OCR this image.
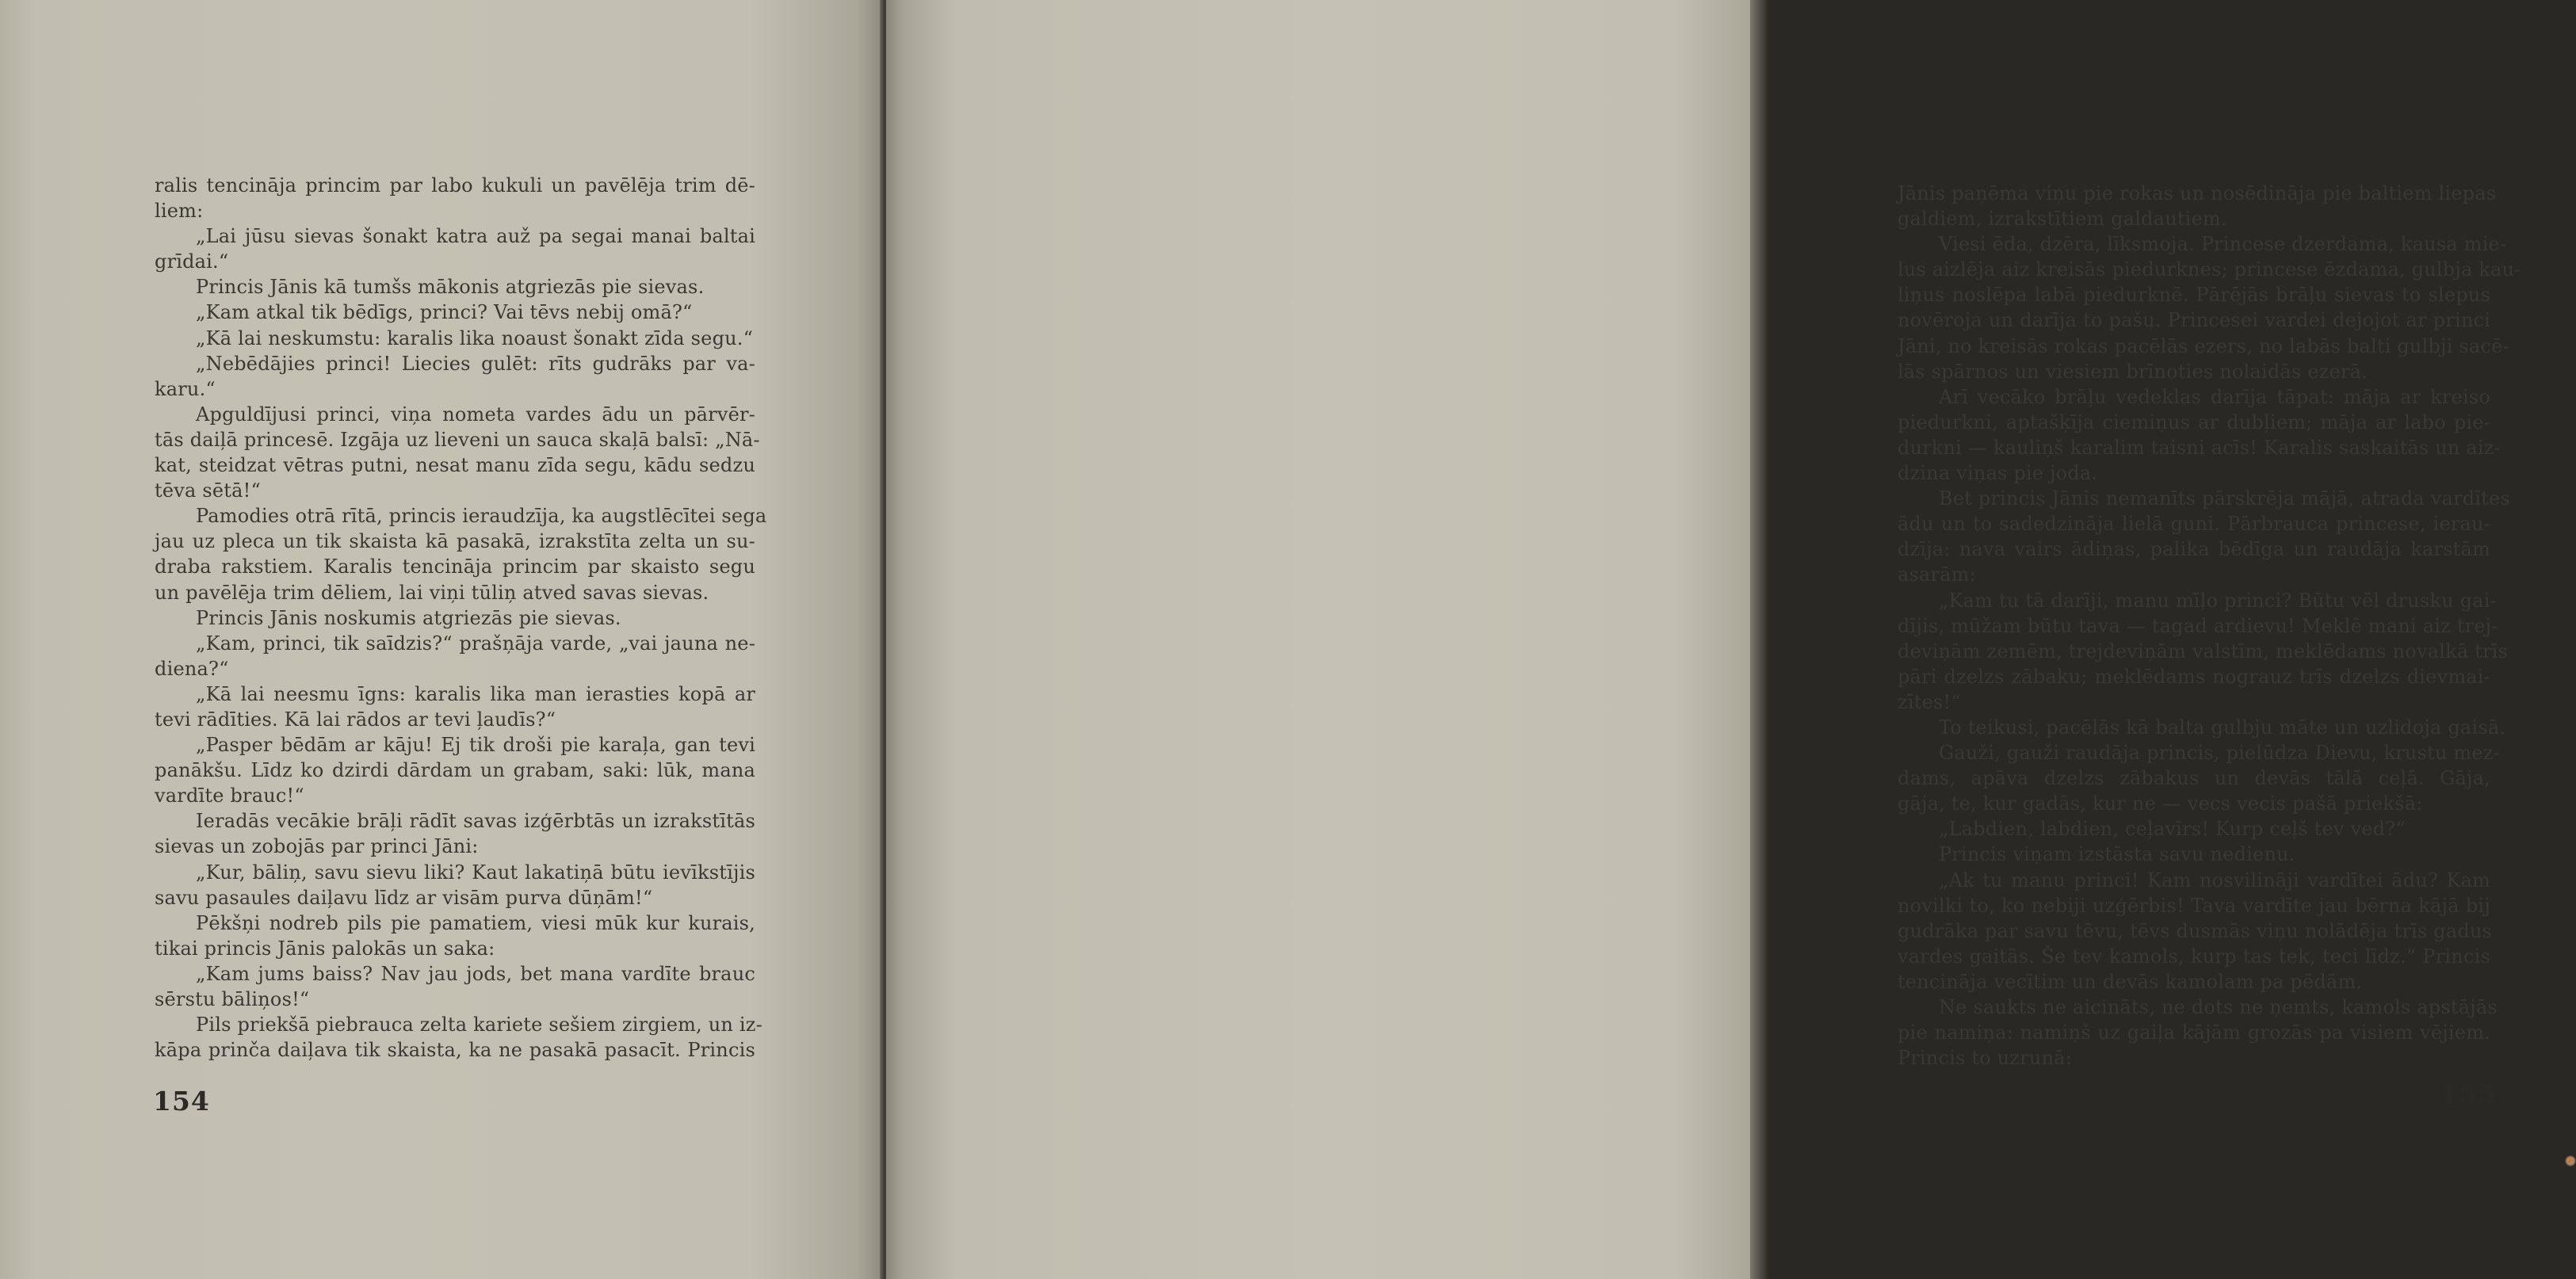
ralis tencināja princim par labo kukuli un pavēlēja trim dē-
liem:
„Lai jūsu sievas šonakt katra auž pa segai manai baltai
grīdai.“
Princis Jānis kā tumšs mākonis atgriezās pie sievas.
„Kam atkal tik bēdīgs, princi? Vai tēvs nebij omā?“
„Kā lai neskumstu: karalis lika noaust šonakt zīda segu.“
„Nebēdājies princi! Liecies gulēt: rīts gudrāks par va-
karu.“
Apguldījusi princi, viņa nometa vardes ādu un pārvēr-
tās daiļā princesē. Izgāja uz lieveni un sauca skaļā balsī: „Nā-
kat, steidzat vētras putni, nesat manu zīda segu, kādu sedzu
tēva sētā!“
Pamodies otrā rītā, princis ieraudzīja, ka augstlēcītei sega
jau uz pleca un tik skaista kā pasakā, izrakstīta zelta un su-
draba rakstiem. Karalis tencināja princim par skaisto segu
un pavēlēja trim dēliem, lai viņi tūliņ atved savas sievas.
Princis Jānis noskumis atgriezās pie sievas.
„Kam, princi, tik saīdzis?“ prašņāja varde, „vai jauna ne-
diena?“
„Kā lai neesmu īgns: karalis lika man ierasties kopā ar
tevi rādīties. Kā lai rādos ar tevi ļaudīs?“
„Pasper bēdām ar kāju! Ej tik droši pie karaļa, gan tevi
panākšu. Līdz ko dzirdi dārdam un grabam, saki: lūk, mana
vardīte brauc!“
Ieradās vecākie brāļi rādīt savas izģērbtās un izrakstītās
sievas un zobojās par princi Jāni:
„Kur, bāliņ, savu sievu liki? Kaut lakatiņā būtu ievīkstījis
savu pasaules daiļavu līdz ar visām purva dūņām!“
Pēkšņi nodreb pils pie pamatiem, viesi mūk kur kurais,
tikai princis Jānis palokās un saka:
„Kam jums baiss? Nav jau jods, bet mana vardīte brauc
sērstu bāliņos!“
Pils priekšā piebrauca zelta kariete sešiem zirgiem, un iz-
kāpa prinča daiļava tik skaista, ka ne pasakā pasacīt. Princis
154
Jānis paņēma viņu pie rokas un nosēdināja pie baltiem liepas
galdiem, izrakstītiem galdautiem.
Viesi ēda, dzēra, līksmoja. Princese dzerdama, kausa mie-
lus aizlēja aiz kreisās piedurknes; princese ēzdama, gulbja kau-
liņus noslēpa labā piedurknē. Pārējās brāļu sievas to slepus
novēroja un darīja to pašu. Princesei vardei dejojot ar princi
Jāni, no kreisās rokas pacēlās ezers, no labās balti gulbji sacē-
lās spārnos un viesiem brīnoties nolaidās ezerā.
Arī vecāko brāļu vedeklas darīja tāpat: māja ar kreiso
piedurkni, aptašķīja ciemiņus ar dubļiem; māja ar labo pie-
durkni — kauliņš karalim taisni acīs! Karalis saskaitās un aiz-
dzina viņas pie joda.
Bet princis Jānis nemanīts pārskrēja mājā, atrada vardītes
ādu un to sadedzināja lielā guni. Pārbrauca princese, ierau-
dzīja: nava vairs ādiņas, palika bēdīga un raudāja karstām
asarām:
„Kam tu tā darīji, manu mīļo princi? Būtu vēl drusku gai-
dījis, mūžam būtu tava — tagad ardievu! Meklē mani aiz trej-
deviņām zemēm, trejdeviņām valstīm, meklēdams novalkā trīs
pāri dzelzs zābaku; meklēdams nograuz trīs dzelzs dievmai-
zītes!“
To teikusi, pacēlās kā balta gulbju māte un uzlidoja gaisā.
Gauži, gauži raudāja princis, pielūdza Dievu, krustu mez-
dams, apāva dzelzs zābakus un devās tālā ceļā. Gāja,
gāja, te, kur gadās, kur ne — vecs vecis pašā priekšā:
„Labdien, labdien, ceļavīrs! Kurp ceļš tev ved?“
Princis viņam izstāsta savu nedienu.
„Ak tu manu princi! Kam nosvilināji vardītei ādu? Kam
novilki to, ko nebiji uzģērbis! Tava vardīte jau bērna kājā bij
gudrāka par savu tēvu, tēvs dusmās viņu nolādēja trīs gadus
vardes gaitās. Še tev kamols, kurp tas tek, teci līdz.“ Princis
tencināja vecītim un devās kamolam pa pēdām.
Ne saukts ne aicināts, ne dots ne ņemts, kamols apstājās
pie namiņa: namiņš uz gaiļa kājām grozās pa visiem vējiem.
Princis to uzrunā:
155
